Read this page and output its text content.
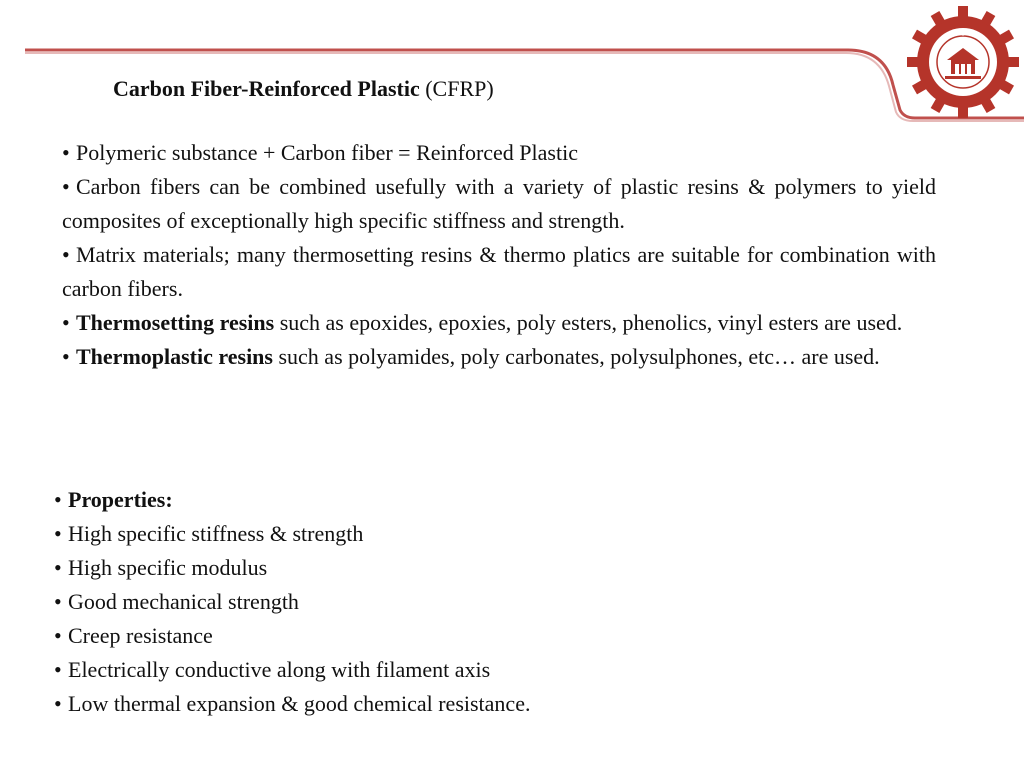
♦
Carbon Fiber-Reinforced Plastic (CFRP)

• Polymeric substance + Carbon fiber = Reinforced Plastic

• Carbon fibers can be combined usefully with a variety of plastic resins & polymers to yield composites of exceptionally high specific stiffness and strength.

• Matrix materials; many thermosetting resins & thermo platics are suitable for combination with carbon fibers.

• Thermosetting resins such as epoxides, epoxies, poly esters, phenolics, vinyl esters are used.

• Thermoplastic resins such as polyamides, poly carbonates, polysulphones, etc… are used.

• Properties:

• High specific stiffness & strength

• High specific modulus

• Good mechanical strength

• Creep resistance

• Electrically conductive along with filament axis

• Low thermal expansion & good chemical resistance.
